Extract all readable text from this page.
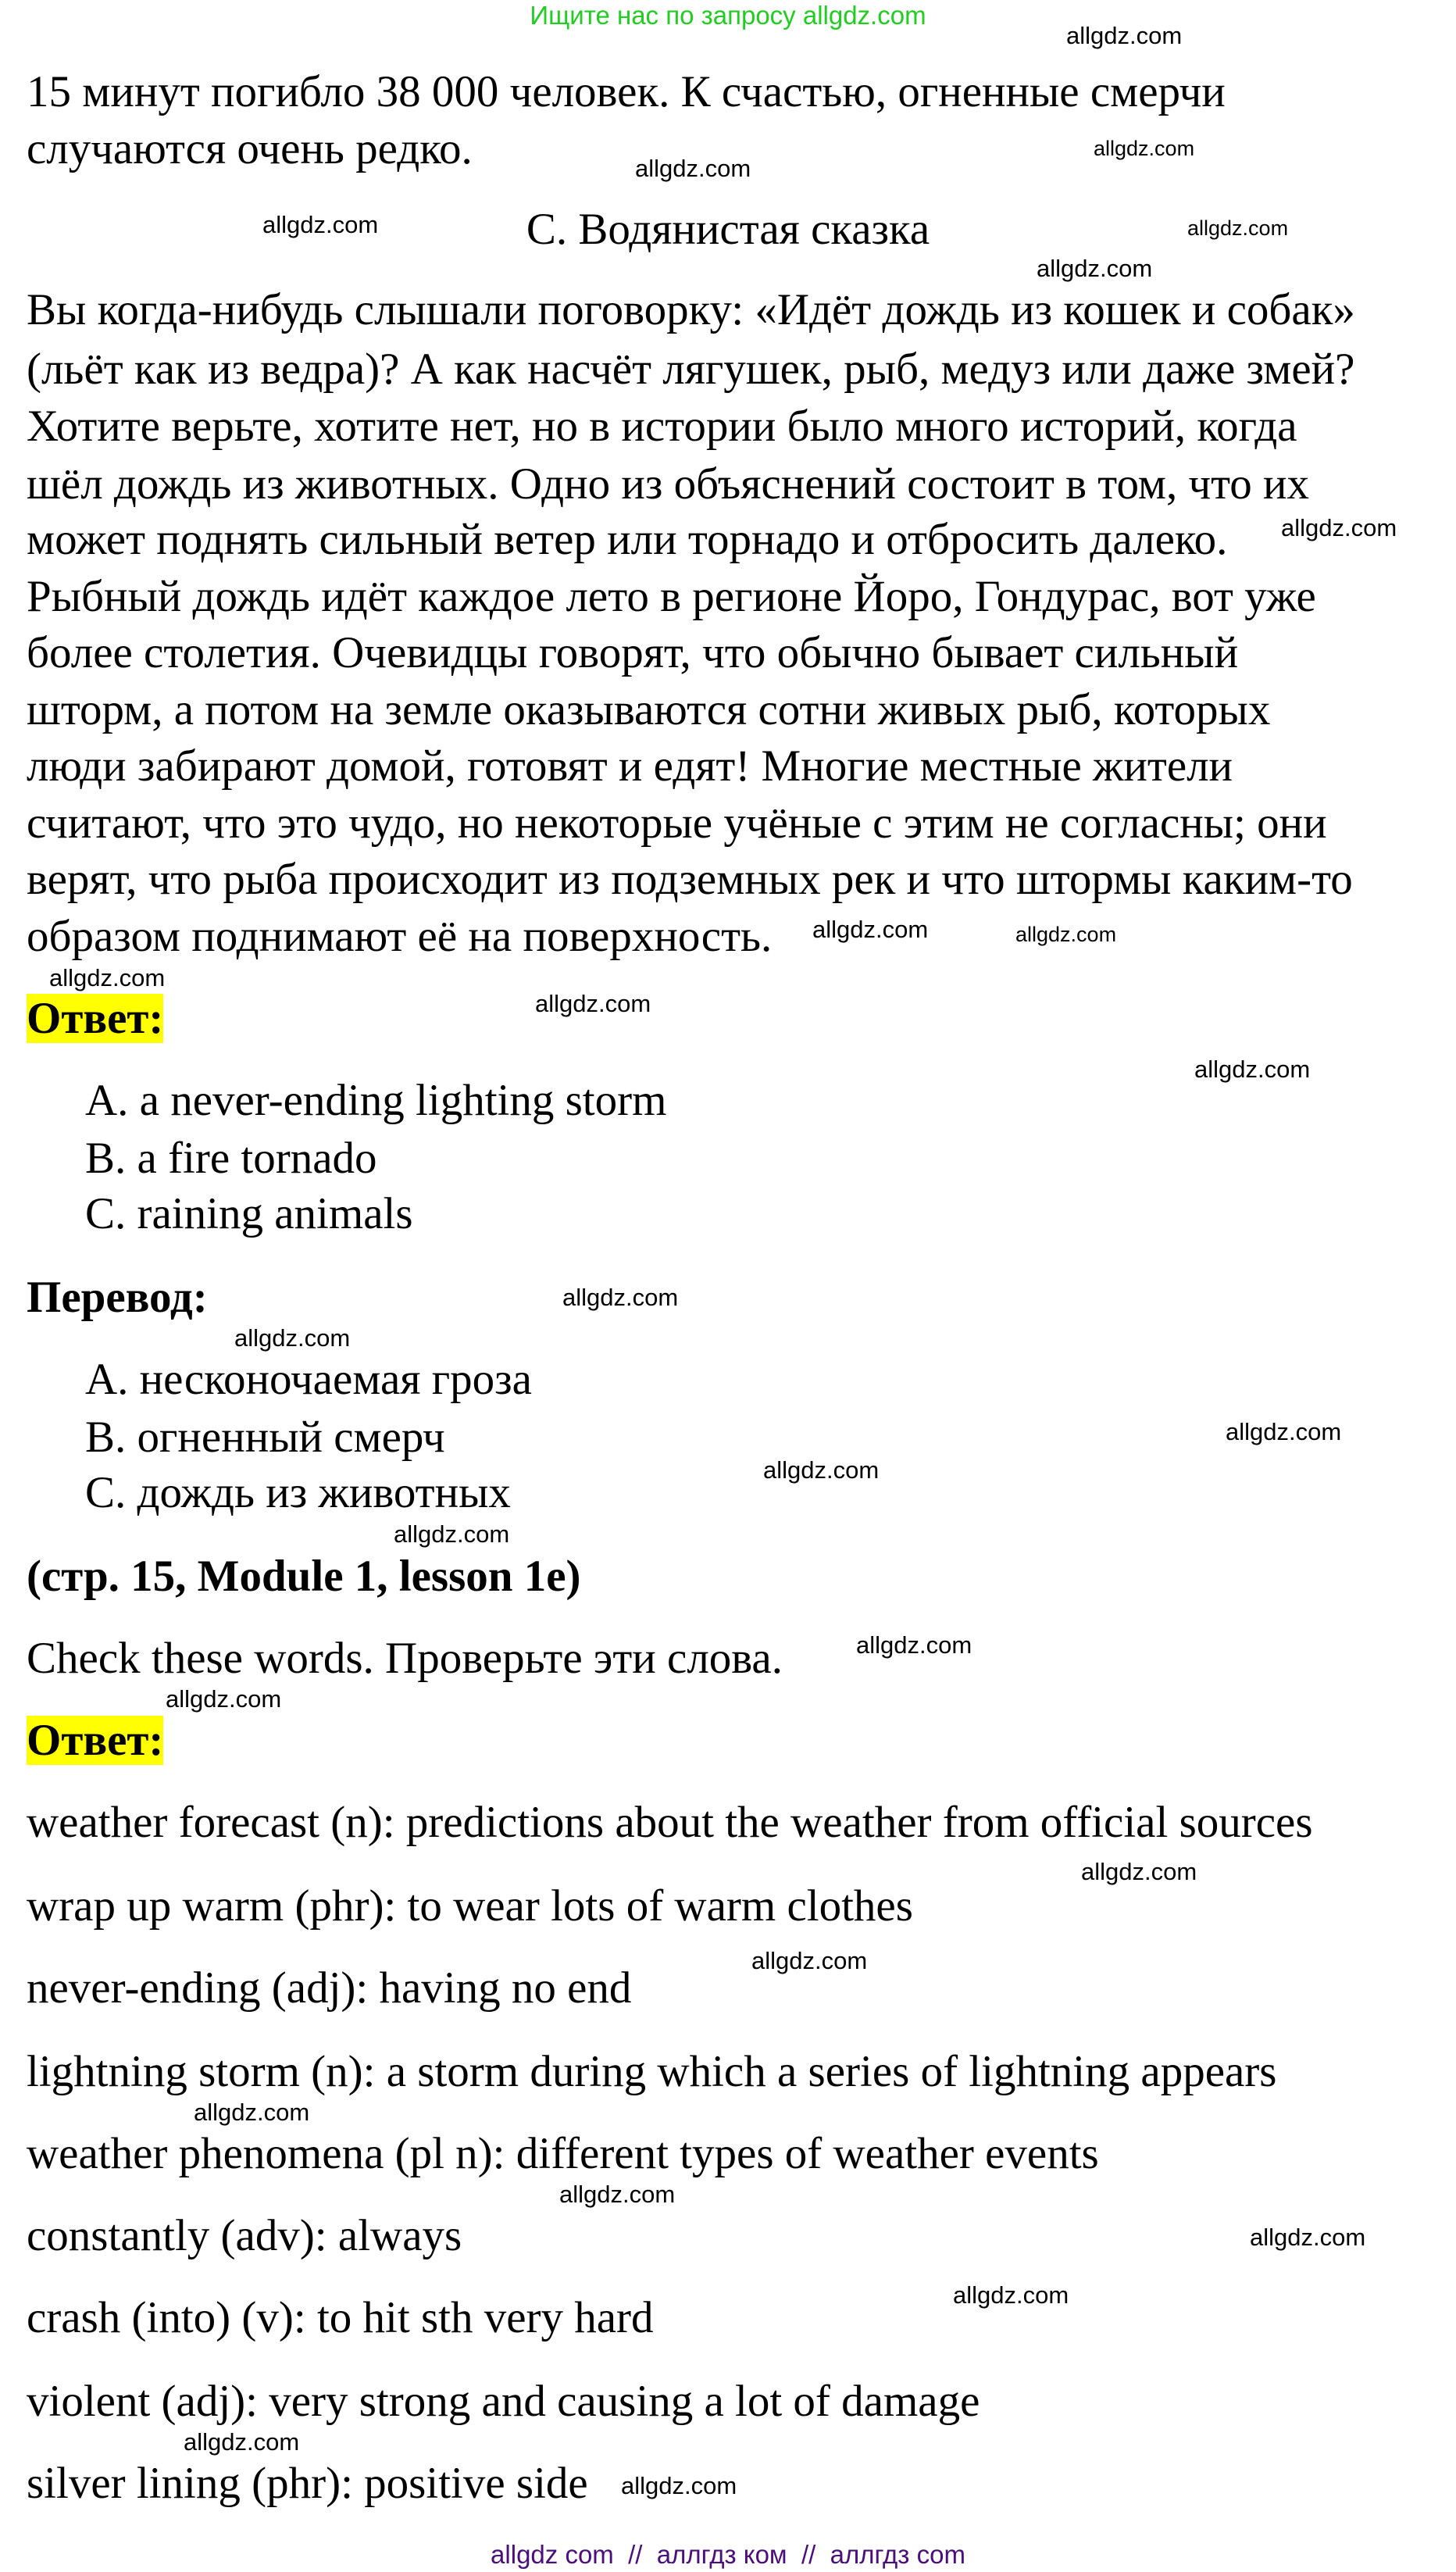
Ищите нас по запросу allgdz.com
15 минут погибло 38 000 человек. К счастью, огненные смерчи
случаются очень редко.
C. Водянистая сказка
Вы когда-нибудь слышали поговорку: «Идёт дождь из кошек и собак»
(льёт как из ведра)? А как насчёт лягушек, рыб, медуз или даже змей?
Хотите верьте, хотите нет, но в истории было много историй, когда
шёл дождь из животных. Одно из объяснений состоит в том, что их
может поднять сильный ветер или торнадо и отбросить далеко.
Рыбный дождь идёт каждое лето в регионе Йоро, Гондурас, вот уже
более столетия. Очевидцы говорят, что обычно бывает сильный
шторм, а потом на земле оказываются сотни живых рыб, которых
люди забирают домой, готовят и едят! Многие местные жители
считают, что это чудо, но некоторые учёные с этим не согласны; они
верят, что рыба происходит из подземных рек и что штормы каким-то
образом поднимают её на поверхность.
Ответ:
A. a never-ending lighting storm
B. a fire tornado
C. raining animals
Перевод:
A. несконочаемая гроза
B. огненный смерч
C. дождь из животных
(стр. 15, Module 1, lesson 1e)
Check these words. Проверьте эти слова.
Ответ:
weather forecast (n): predictions about the weather from official sources
wrap up warm (phr): to wear lots of warm clothes
never-ending (adj): having no end
lightning storm (n): a storm during which a series of lightning appears
weather phenomena (pl n): different types of weather events
constantly (adv): always
crash (into) (v): to hit sth very hard
violent (adj): very strong and causing a lot of damage
silver lining (phr): positive side
allgdz.com
allgdz.com
allgdz.com
allgdz.com
allgdz.com
allgdz.com
allgdz.com
allgdz.com
allgdz.com
allgdz.com
allgdz.com
allgdz.com
allgdz.com
allgdz.com
allgdz.com
allgdz.com
allgdz.com
allgdz.com
allgdz.com
allgdz.com
allgdz.com
allgdz.com
allgdz.com
allgdz.com
allgdz.com
allgdz.com
allgdz.com
allgdz com  //  аллгдз ком  //  аллгдз com
